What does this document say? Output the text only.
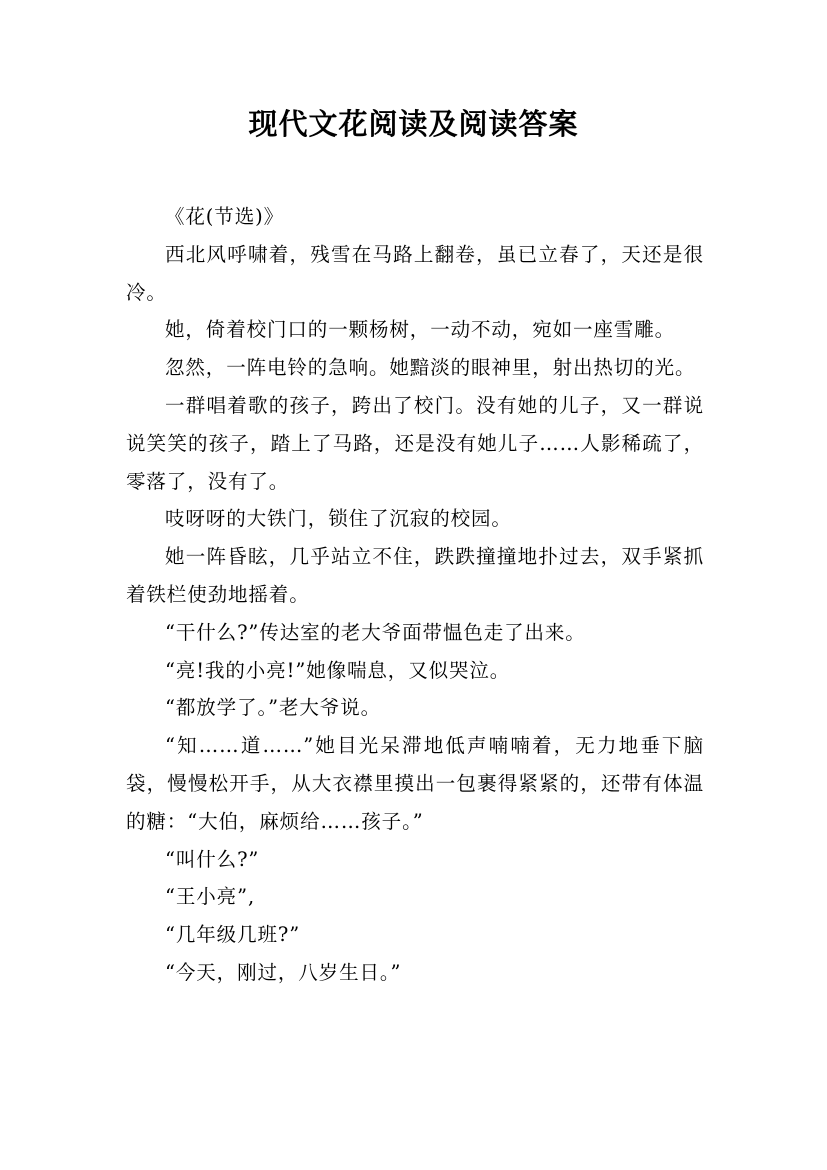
现代文花阅读及阅读答案

《花(节选)》

西北风呼啸着，残雪在马路上翻卷，虽已立春了，天还是很冷。

她，倚着校门口的一颗杨树，一动不动，宛如一座雪雕。

忽然，一阵电铃的急响。她黯淡的眼神里，射出热切的光。

一群唱着歌的孩子，跨出了校门。没有她的儿子，又一群说说笑笑的孩子，踏上了马路，还是没有她儿子……人影稀疏了，零落了，没有了。

吱呀呀的大铁门，锁住了沉寂的校园。

她一阵昏眩，几乎站立不住，跌跌撞撞地扑过去，双手紧抓着铁栏使劲地摇着。

“干什么?”传达室的老大爷面带愠色走了出来。

“亮!我的小亮!”她像喘息，又似哭泣。

“都放学了。”老大爷说。

“知……道……”她目光呆滞地低声喃喃着，无力地垂下脑袋，慢慢松开手，从大衣襟里摸出一包裹得紧紧的，还带有体温的糖：“大伯，麻烦给……孩子。”

“叫什么?”

“王小亮”,

“几年级几班?”

“今天，刚过，八岁生日。”
